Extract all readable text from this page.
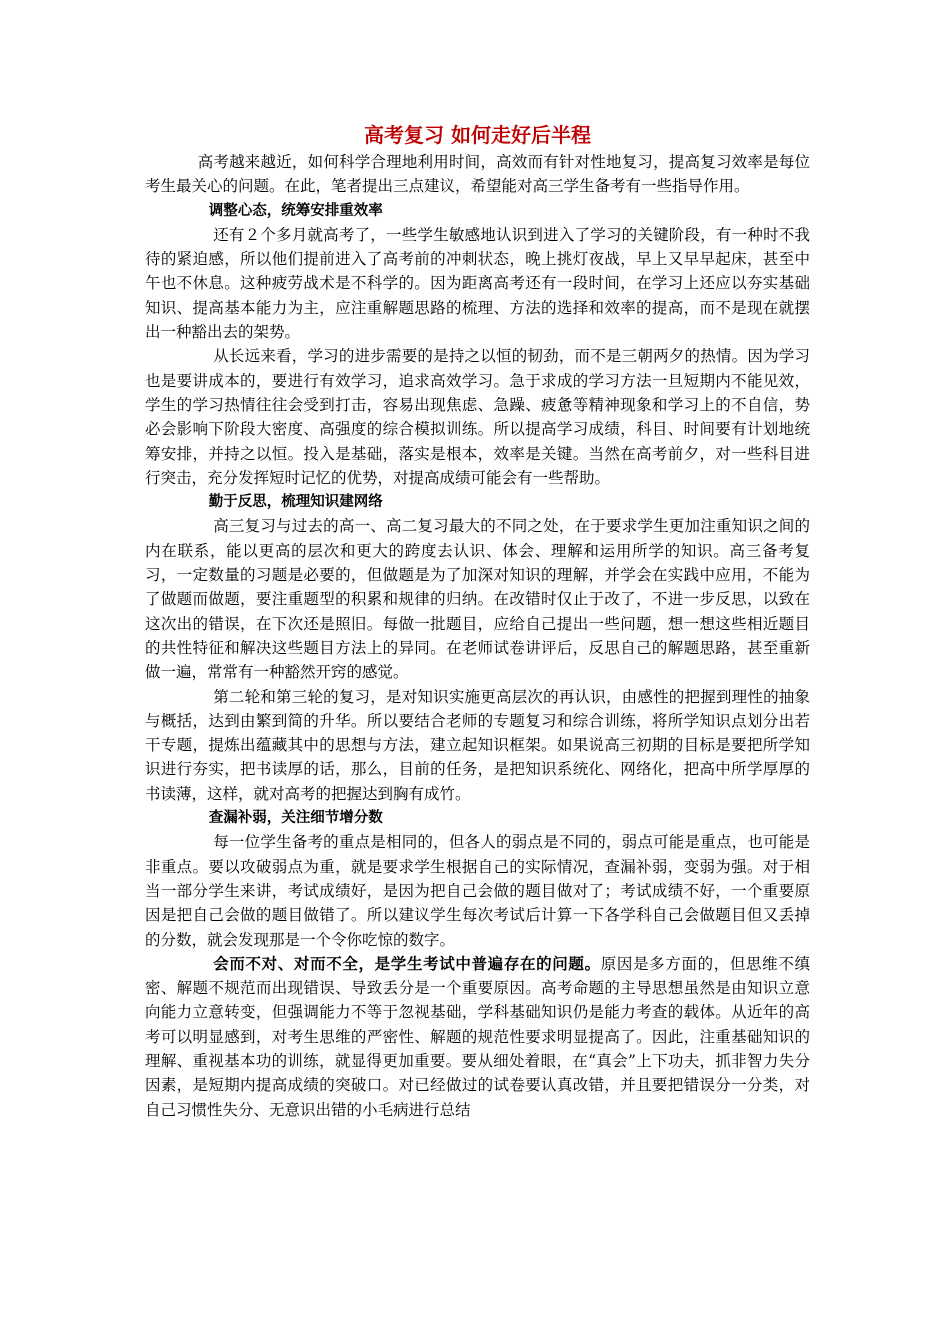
高考复习 如何走好后半程

高考越来越近，如何科学合理地利用时间，高效而有针对性地复习，提高复习效率是每位考生最关心的问题。在此，笔者提出三点建议，希望能对高三学生备考有一些指导作用。

调整心态，统筹安排重效率

还有２个多月就高考了，一些学生敏感地认识到进入了学习的关键阶段，有一种时不我待的紧迫感，所以他们提前进入了高考前的冲刺状态，晚上挑灯夜战，早上又早早起床，甚至中午也不休息。这种疲劳战术是不科学的。因为距离高考还有一段时间，在学习上还应以夯实基础知识、提高基本能力为主，应注重解题思路的梳理、方法的选择和效率的提高，而不是现在就摆出一种豁出去的架势。

从长远来看，学习的进步需要的是持之以恒的韧劲，而不是三朝两夕的热情。因为学习也是要讲成本的，要进行有效学习，追求高效学习。急于求成的学习方法一旦短期内不能见效，学生的学习热情往往会受到打击，容易出现焦虑、急躁、疲惫等精神现象和学习上的不自信，势必会影响下阶段大密度、高强度的综合模拟训练。所以提高学习成绩，科目、时间要有计划地统筹安排，并持之以恒。投入是基础，落实是根本，效率是关键。当然在高考前夕，对一些科目进行突击，充分发挥短时记忆的优势，对提高成绩可能会有一些帮助。

勤于反思，梳理知识建网络

高三复习与过去的高一、高二复习最大的不同之处，在于要求学生更加注重知识之间的内在联系，能以更高的层次和更大的跨度去认识、体会、理解和运用所学的知识。高三备考复习，一定数量的习题是必要的，但做题是为了加深对知识的理解，并学会在实践中应用，不能为了做题而做题，要注重题型的积累和规律的归纳。在改错时仅止于改了，不进一步反思，以致在这次出的错误，在下次还是照旧。每做一批题目，应给自己提出一些问题，想一想这些相近题目的共性特征和解决这些题目方法上的异同。在老师试卷讲评后，反思自己的解题思路，甚至重新做一遍，常常有一种豁然开窍的感觉。

第二轮和第三轮的复习，是对知识实施更高层次的再认识，由感性的把握到理性的抽象与概括，达到由繁到简的升华。所以要结合老师的专题复习和综合训练，将所学知识点划分出若干专题，提炼出蕴藏其中的思想与方法，建立起知识框架。如果说高三初期的目标是要把所学知识进行夯实，把书读厚的话，那么，目前的任务，是把知识系统化、网络化，把高中所学厚厚的书读薄，这样，就对高考的把握达到胸有成竹。

查漏补弱，关注细节增分数

每一位学生备考的重点是相同的，但各人的弱点是不同的，弱点可能是重点，也可能是非重点。要以攻破弱点为重，就是要求学生根据自己的实际情况，查漏补弱，变弱为强。对于相当一部分学生来讲，考试成绩好，是因为把自己会做的题目做对了；考试成绩不好，一个重要原因是把自己会做的题目做错了。所以建议学生每次考试后计算一下各学科自己会做题目但又丢掉的分数，就会发现那是一个令你吃惊的数字。

会而不对、对而不全，是学生考试中普遍存在的问题。原因是多方面的，但思维不缜密、解题不规范而出现错误、导致丢分是一个重要原因。高考命题的主导思想虽然是由知识立意向能力立意转变，但强调能力不等于忽视基础，学科基础知识仍是能力考查的载体。从近年的高考可以明显感到，对考生思维的严密性、解题的规范性要求明显提高了。因此，注重基础知识的理解、重视基本功的训练，就显得更加重要。要从细处着眼，在“真会”上下功夫，抓非智力失分因素，是短期内提高成绩的突破口。对已经做过的试卷要认真改错，并且要把错误分一分类，对自己习惯性失分、无意识出错的小毛病进行总结
